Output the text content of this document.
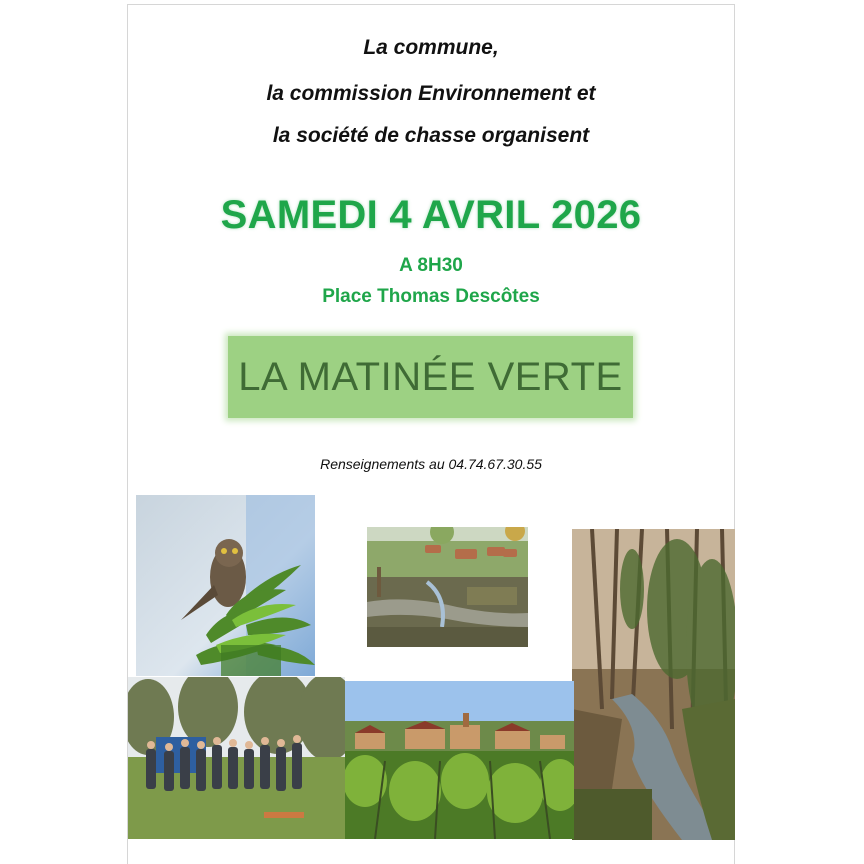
La commune,
la commission Environnement et
la société de chasse organisent
SAMEDI 4 AVRIL 2026
A 8H30
Place Thomas Descôtes
LA MATINÉE VERTE
Renseignements au 04.74.67.30.55
